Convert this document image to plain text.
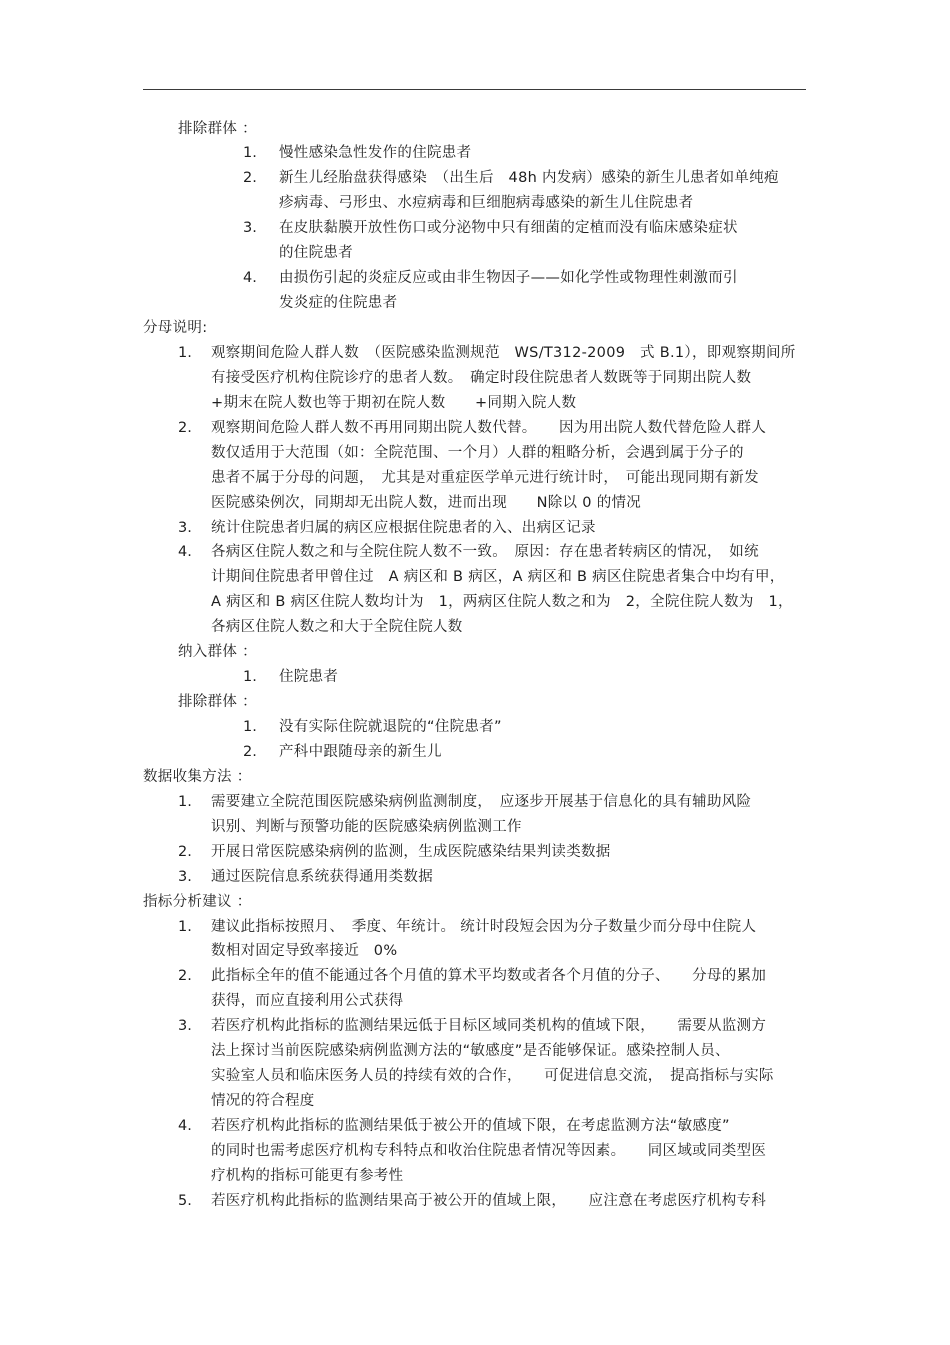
排除群体 ：
1. 慢性感染急性发作的住院患者
2. 新生儿经胎盘获得感染　（出生后　48h 内发病）感染的新生儿患者如单纯疱
疹病毒、弓形虫、水痘病毒和巨细胞病毒感染的新生儿住院患者
3. 在皮肤黏膜开放性伤口或分泌物中只有细菌的定植而没有临床感染症状
的住院患者
4. 由损伤引起的炎症反应或由非生物因子——如化学性或物理性刺激而引
发炎症的住院患者
分母说明:
1. 观察期间危险人群人数　（医院感染监测规范　WS/T312-2009　式 B.1），即观察期间所
有接受医疗机构住院诊疗的患者人数。　确定时段住院患者人数既等于同期出院人数
+期末在院人数也等于期初在院人数　　+同期入院人数
2. 观察期间危险人群人数不再用同期出院人数代替。　　因为用出院人数代替危险人群人
数仅适用于大范围（如：全院范围、一个月）人群的粗略分析，会遇到属于分子的
患者不属于分母的问题，　尤其是对重症医学单元进行统计时，　可能出现同期有新发
医院感染例次，同期却无出院人数，进而出现　　N除以 0 的情况
3. 统计住院患者归属的病区应根据住院患者的入、出病区记录
4. 各病区住院人数之和与全院住院人数不一致。　原因：存在患者转病区的情况，　如统
计期间住院患者甲曾住过　A 病区和 B 病区，A 病区和 B 病区住院患者集合中均有甲，
A 病区和 B 病区住院人数均计为　1，两病区住院人数之和为　2，全院住院人数为　1，
各病区住院人数之和大于全院住院人数
纳入群体 ：
1. 住院患者
排除群体 ：
1. 没有实际住院就退院的“住院患者”
2. 产科中跟随母亲的新生儿
数据收集方法 ：
1. 需要建立全院范围医院感染病例监测制度，　应逐步开展基于信息化的具有辅助风险
识别、判断与预警功能的医院感染病例监测工作
2. 开展日常医院感染病例的监测，生成医院感染结果判读类数据
3. 通过医院信息系统获得通用类数据
指标分析建议 ：
1. 建议此指标按照月、　季度、年统计。 统计时段短会因为分子数量少而分母中住院人
数相对固定导致率接近　0%
2. 此指标全年的值不能通过各个月值的算术平均数或者各个月值的分子、　　分母的累加
获得，而应直接利用公式获得
3. 若医疗机构此指标的监测结果远低于目标区域同类机构的值域下限，　　需要从监测方
法上探讨当前医院感染病例监测方法的“敏感度”是否能够保证。感染控制人员、
实验室人员和临床医务人员的持续有效的合作，　　可促进信息交流，　提高指标与实际
情况的符合程度
4. 若医疗机构此指标的监测结果低于被公开的值域下限，在考虑监测方法“敏感度”
的同时也需考虑医疗机构专科特点和收治住院患者情况等因素。　　同区域或同类型医
疗机构的指标可能更有参考性
5. 若医疗机构此指标的监测结果高于被公开的值域上限，　　应注意在考虑医疗机构专科
